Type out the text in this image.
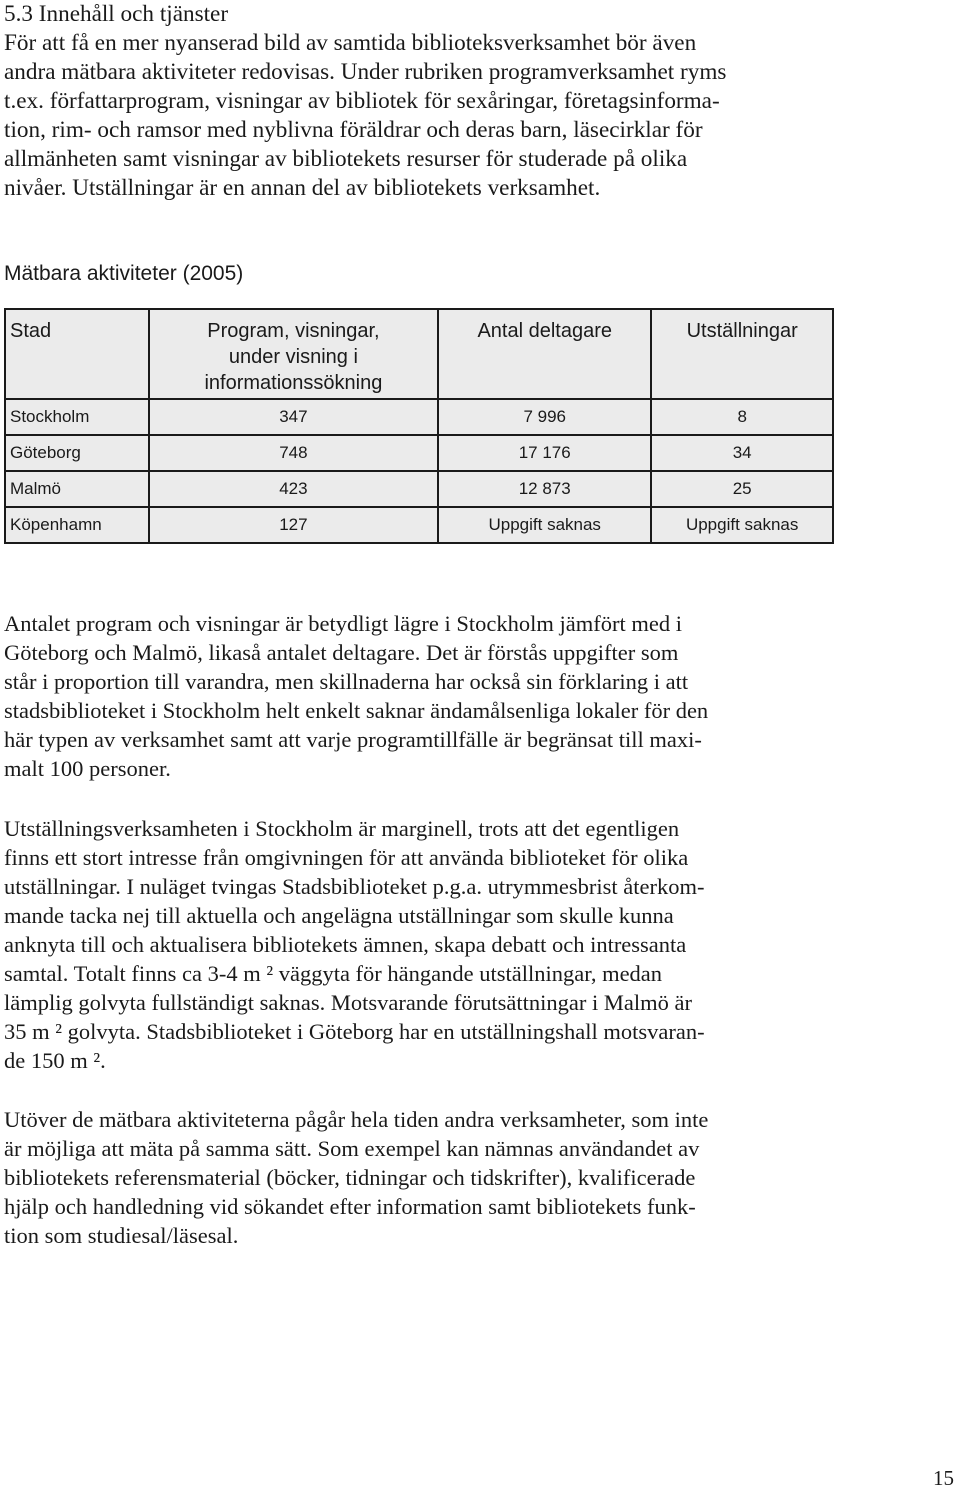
5.3 Innehåll och tjänster

För att få en mer nyanserad bild av samtida biblioteksverksamhet bör även
andra mätbara aktiviteter redovisas. Under rubriken programverksamhet ryms
t.ex. författarprogram, visningar av bibliotek för sexåringar, företagsinforma-
tion, rim- och ramsor med nyblivna föräldrar och deras barn, läsecirklar för
allmänheten samt visningar av bibliotekets resurser för studerade på olika
nivåer. Utställningar är en annan del av bibliotekets verksamhet.

Mätbara aktiviteter (2005)
Stad	Program, visningar,
under visning i
informationssökning	Antal deltagare	Utställningar
Stockholm	347	7 996	8
Göteborg	748	17 176	34
Malmö	423	12 873	25
Köpenhamn	127	Uppgift saknas	Uppgift saknas

Antalet program och visningar är betydligt lägre i Stockholm jämfört med i
Göteborg och Malmö, likaså antalet deltagare. Det är förstås uppgifter som
står i proportion till varandra, men skillnaderna har också sin förklaring i att
stadsbiblioteket i Stockholm helt enkelt saknar ändamålsenliga lokaler för den
här typen av verksamhet samt att varje programtillfälle är begränsat till maxi-
malt 100 personer.

Utställningsverksamheten i Stockholm är marginell, trots att det egentligen
finns ett stort intresse från omgivningen för att använda biblioteket för olika
utställningar. I nuläget tvingas Stadsbiblioteket p.g.a. utrymmesbrist återkom-
mande tacka nej till aktuella och angelägna utställningar som skulle kunna
anknyta till och aktualisera bibliotekets ämnen, skapa debatt och intressanta
samtal. Totalt finns ca 3-4 m ² väggyta för hängande utställningar, medan
lämplig golvyta fullständigt saknas. Motsvarande förutsättningar i Malmö är
35 m ² golvyta. Stadsbiblioteket i Göteborg har en utställningshall motsvaran-
de 150 m ².

Utöver de mätbara aktiviteterna pågår hela tiden andra verksamheter, som inte
är möjliga att mäta på samma sätt. Som exempel kan nämnas användandet av
bibliotekets referensmaterial (böcker, tidningar och tidskrifter), kvalificerade
hjälp och handledning vid sökandet efter information samt bibliotekets funk-
tion som studiesal/läsesal.

15
